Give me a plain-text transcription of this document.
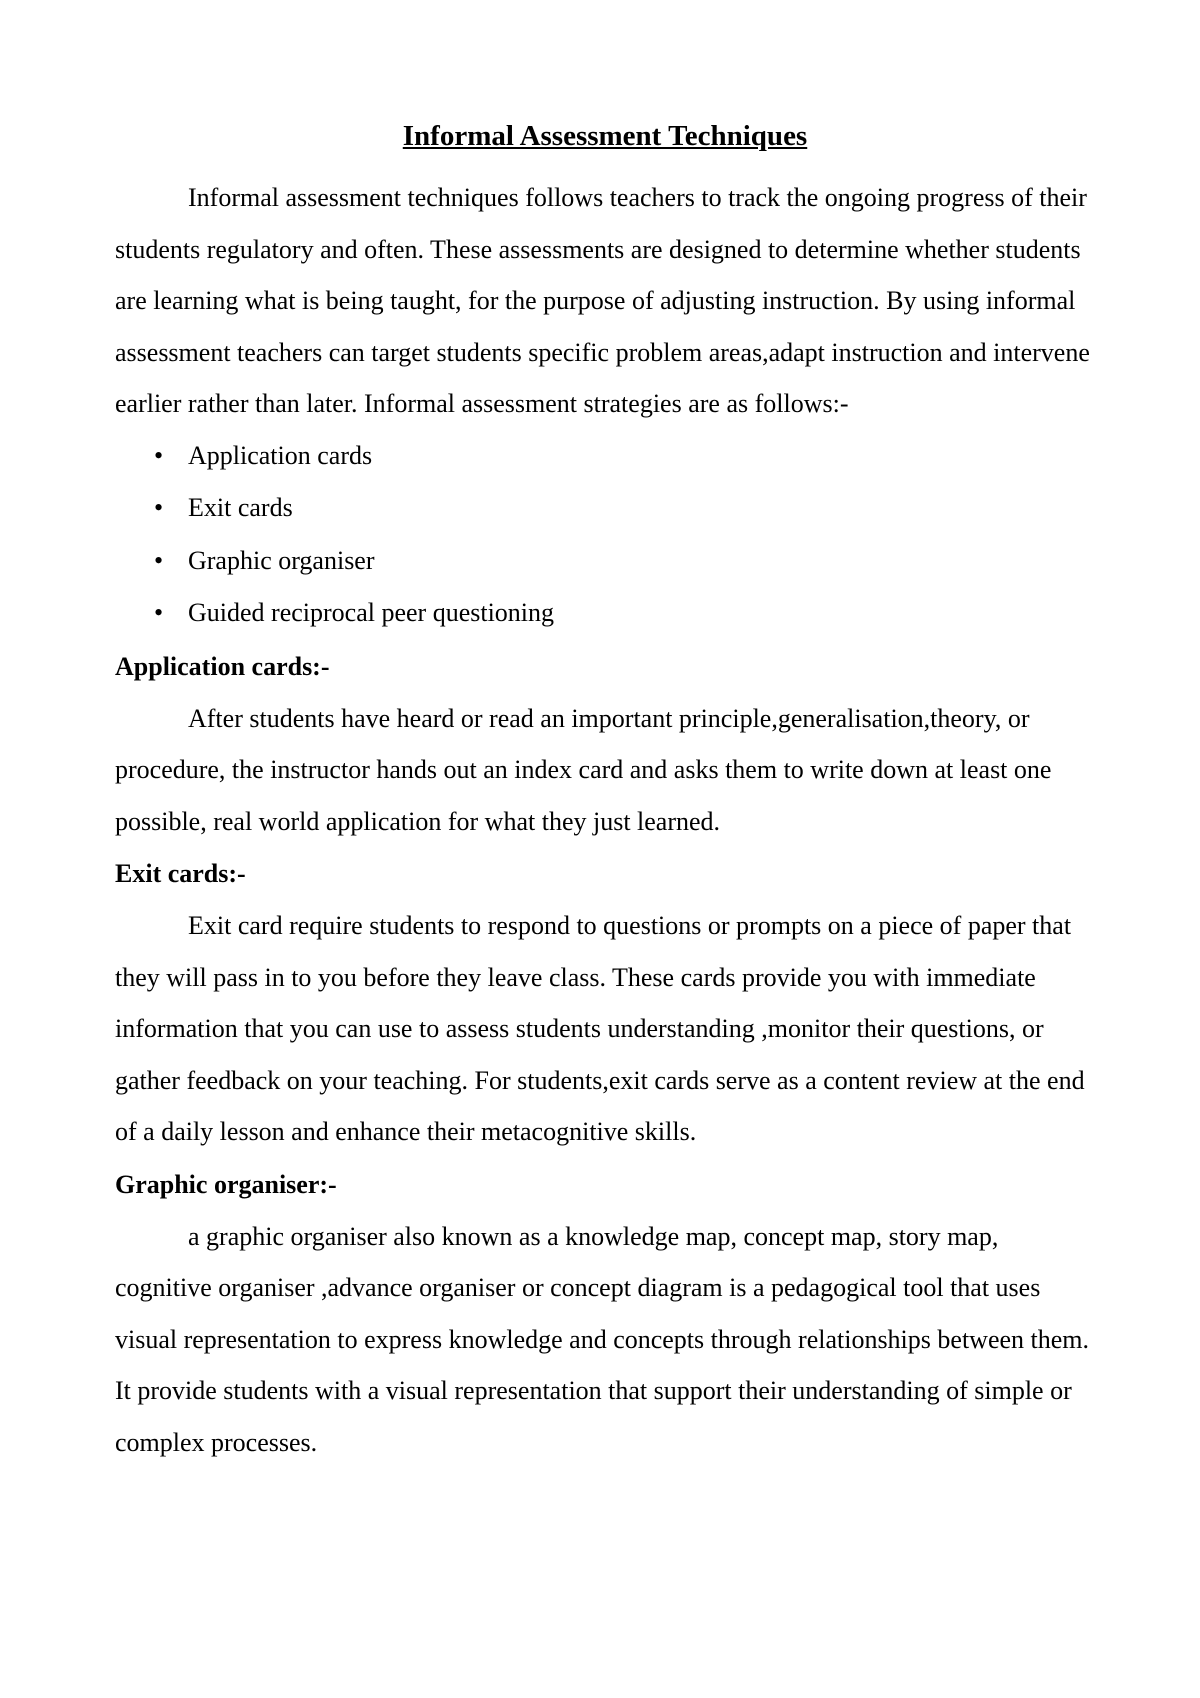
Informal Assessment Techniques

Informal assessment techniques follows teachers to track the ongoing progress of their students regulatory and often. These assessments are designed to determine whether students are learning what is being taught, for the purpose of adjusting instruction. By using informal assessment teachers can target students specific problem areas,adapt instruction and intervene earlier rather than later. Informal assessment strategies are as follows:-

• Application cards
• Exit cards
• Graphic organiser
• Guided reciprocal peer questioning

Application cards:-

After students have heard or read an important principle,generalisation,theory, or procedure, the instructor hands out an index card and asks them to write down at least one possible, real world application for what they just learned.

Exit cards:-

Exit card require students to respond to questions or prompts on a piece of paper that they will pass in to you before they leave class. These cards provide you with immediate information that you can use to assess students understanding ,monitor their questions, or gather feedback on your teaching. For students,exit cards serve as a content review at the end of a daily lesson and enhance their metacognitive skills.

Graphic organiser:-

a graphic organiser also known as a knowledge map, concept map, story map, cognitive organiser ,advance organiser or concept diagram is a pedagogical tool that uses visual representation to express knowledge and concepts through relationships between them. It provide students with a visual representation that support their understanding of simple or complex processes.
